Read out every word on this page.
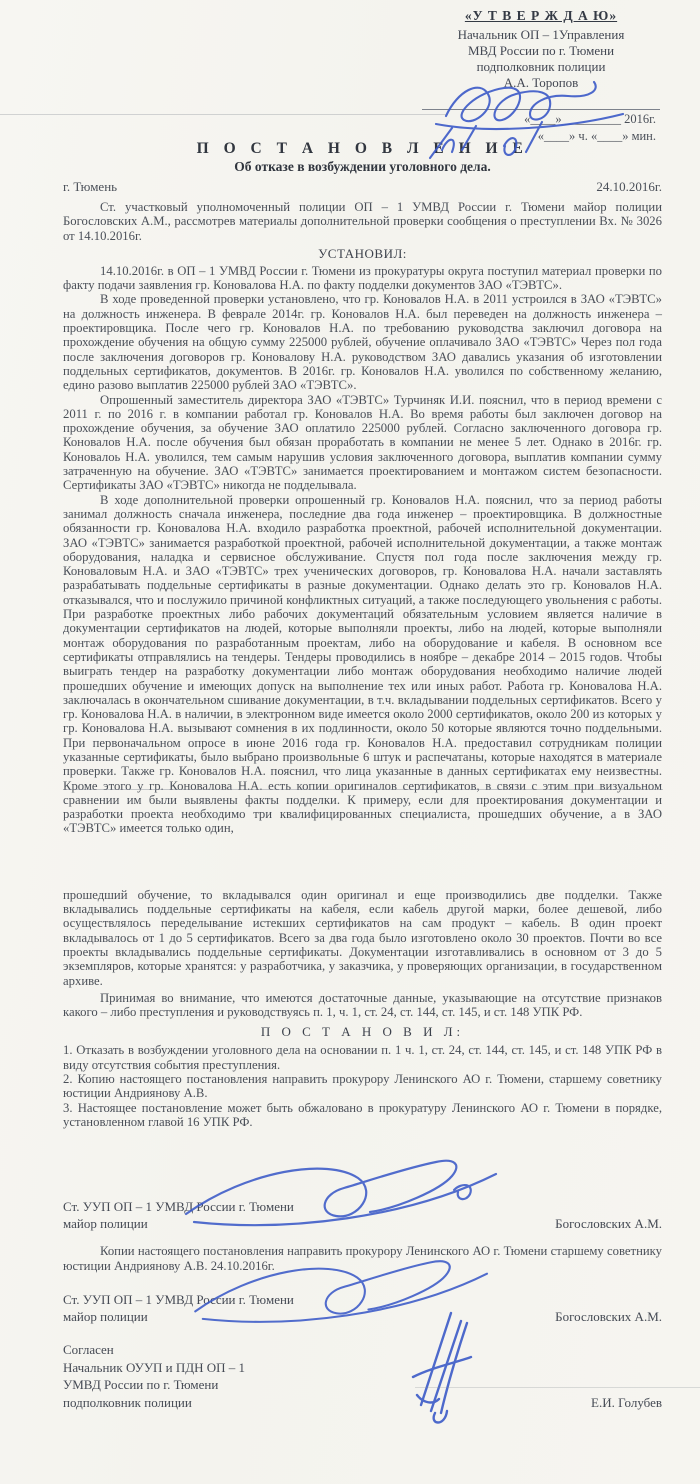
«У Т В Е Р Ж Д А Ю»
Начальник ОП – 1Управления
МВД России по г. Тюмени
подполковник полиции
А.А. Торопов
«____» _________ 2016г.
«____» ч. «____» мин.
П О С Т А Н О В Л Е Н И Е
Об отказе в возбуждении уголовного дела.
г. Тюмень	24.10.2016г.

Ст. участковый уполномоченный полиции ОП – 1 УМВД России г. Тюмени майор полиции Богословских А.М., рассмотрев материалы дополнительной проверки сообщения о преступлении Вх. № 3026 от 14.10.2016г.

УСТАНОВИЛ:

14.10.2016г. в ОП – 1 УМВД России г. Тюмени из прокуратуры округа поступил материал проверки по факту подачи заявления гр. Коновалова Н.А. по факту подделки документов ЗАО «ТЭВТС».

В ходе проведенной проверки установлено, что гр. Коновалов Н.А. в 2011 устроился в ЗАО «ТЭВТС» на должность инженера. В феврале 2014г. гр. Коновалов Н.А. был переведен на должность инженера – проектировщика. После чего гр. Коновалов Н.А. по требованию руководства заключил договора на прохождение обучения на общую сумму 225000 рублей, обучение оплачивало ЗАО «ТЭВТС» Через пол года после заключения договоров гр. Коновалову Н.А. руководством ЗАО давались указания об изготовлении поддельных сертификатов, документов. В 2016г. гр. Коновалов Н.А. уволился по собственному желанию, едино разово выплатив 225000 рублей ЗАО «ТЭВТС».

Опрошенный заместитель директора ЗАО «ТЭВТС» Турчиняк И.И. пояснил, что в период времени с 2011 г. по 2016 г. в компании работал гр. Коновалов Н.А. Во время работы был заключен договор на прохождение обучения, за обучение ЗАО оплатило 225000 рублей. Согласно заключенного договора гр. Коновалов Н.А. после обучения был обязан проработать в компании не менее 5 лет. Однако в 2016г. гр. Коновалоь Н.А. уволился, тем самым нарушив условия заключенного договора, выплатив компании сумму затраченную на обучение. ЗАО «ТЭВТС» занимается проектированием и монтажом систем безопасности. Сертификаты ЗАО «ТЭВТС» никогда не подделывала.

В ходе дополнительной проверки опрошенный гр. Коновалов Н.А. пояснил, что за период работы занимал должность сначала инженера, последние два года инженер – проектировщика. В должностные обязанности гр. Коновалова Н.А. входило разработка проектной, рабочей исполнительной документации. ЗАО «ТЭВТС» занимается разработкой проектной, рабочей исполнительной документации, а также монтаж оборудования, наладка и сервисное обслуживание. Спустя пол года после заключения между гр. Коноваловым Н.А. и ЗАО «ТЭВТС» трех ученических договоров, гр. Коновалова Н.А. начали заставлять разрабатывать поддельные сертификаты в разные документации. Однако делать это гр. Коновалов Н.А. отказывался, что и послужило причиной конфликтных ситуаций, а также последующего увольнения с работы. При разработке проектных либо рабочих документаций обязательным условием является наличие в документации сертификатов на людей, которые выполняли проекты, либо на людей, которые выполняли монтаж оборудования по разработанным проектам, либо на оборудование и кабеля. В основном все сертификаты отправлялись на тендеры. Тендеры проводились в ноябре – декабре 2014 – 2015 годов. Чтобы выиграть тендер на разработку документации либо монтаж оборудования необходимо наличие людей прошедших обучение и имеющих допуск на выполнение тех или иных работ. Работа гр. Коновалова Н.А. заключалась в окончательном сшивание документации, в т.ч. вкладывании поддельных сертификатов. Всего у гр. Коновалова Н.А. в наличии, в электронном виде имеется около 2000 сертификатов, около 200 из которых у гр. Коновалова Н.А. вызывают сомнения в их подлинности, около 50 которые являются точно поддельными. При первоначальном опросе в июне 2016 года гр. Коновалов Н.А. предоставил сотрудникам полиции указанные сертификаты, было выбрано произвольные 6 штук и распечатаны, которые находятся в материале проверки. Также гр. Коновалов Н.А. пояснил, что лица указанные в данных сертификатах ему неизвестны. Кроме этого у гр. Коновалова Н.А. есть копии оригиналов сертификатов, в связи с этим при визуальном сравнении им были выявлены факты подделки. К примеру, если для проектирования документации и разработки проекта необходимо три квалифицированных специалиста, прошедших обучение, а в ЗАО «ТЭВТС» имеется только один,

прошедший обучение, то вкладывался один оригинал и еще производились две подделки. Также вкладывались поддельные сертификаты на кабеля, если кабель другой марки, более дешевой, либо осуществлялось переделывание истекших сертификатов на сам продукт – кабель. В один проект вкладывалось от 1 до 5 сертификатов. Всего за два года было изготовлено около 30 проектов. Почти во все проекты вкладывались поддельные сертификаты. Документации изготавливались в основном от 3 до 5 экземпляров, которые хранятся: у разработчика, у заказчика, у проверяющих организации, в государственном архиве.

Принимая во внимание, что имеются достаточные данные, указывающие на отсутствие признаков какого – либо преступления и руководствуясь п. 1, ч. 1, ст. 24, ст. 144, ст. 145, и ст. 148 УПК РФ.

П О С Т А Н О В И Л:

1. Отказать в возбуждении уголовного дела на основании п. 1 ч. 1, ст. 24, ст. 144, ст. 145, и ст. 148 УПК РФ в виду отсутствия события преступления.

2. Копию настоящего постановления направить прокурору Ленинского АО г. Тюмени, старшему советнику юстиции Андриянову А.В.

3. Настоящее постановление может быть обжаловано в прокуратуру Ленинского АО г. Тюмени в порядке, установленном главой 16 УПК РФ.

Ст. УУП ОП – 1 УМВД России г. Тюмени
майор полиции	Богословских А.М.

Копии настоящего постановления направить прокурору Ленинского АО г. Тюмени старшему советнику юстиции Андриянову А.В. 24.10.2016г.

Ст. УУП ОП – 1 УМВД России г. Тюмени
майор полиции	Богословских А.М.
Согласен
Начальник ОУУП и ПДН ОП – 1
УМВД России по г. Тюмени
подполковник полиции	Е.И. Голубев
